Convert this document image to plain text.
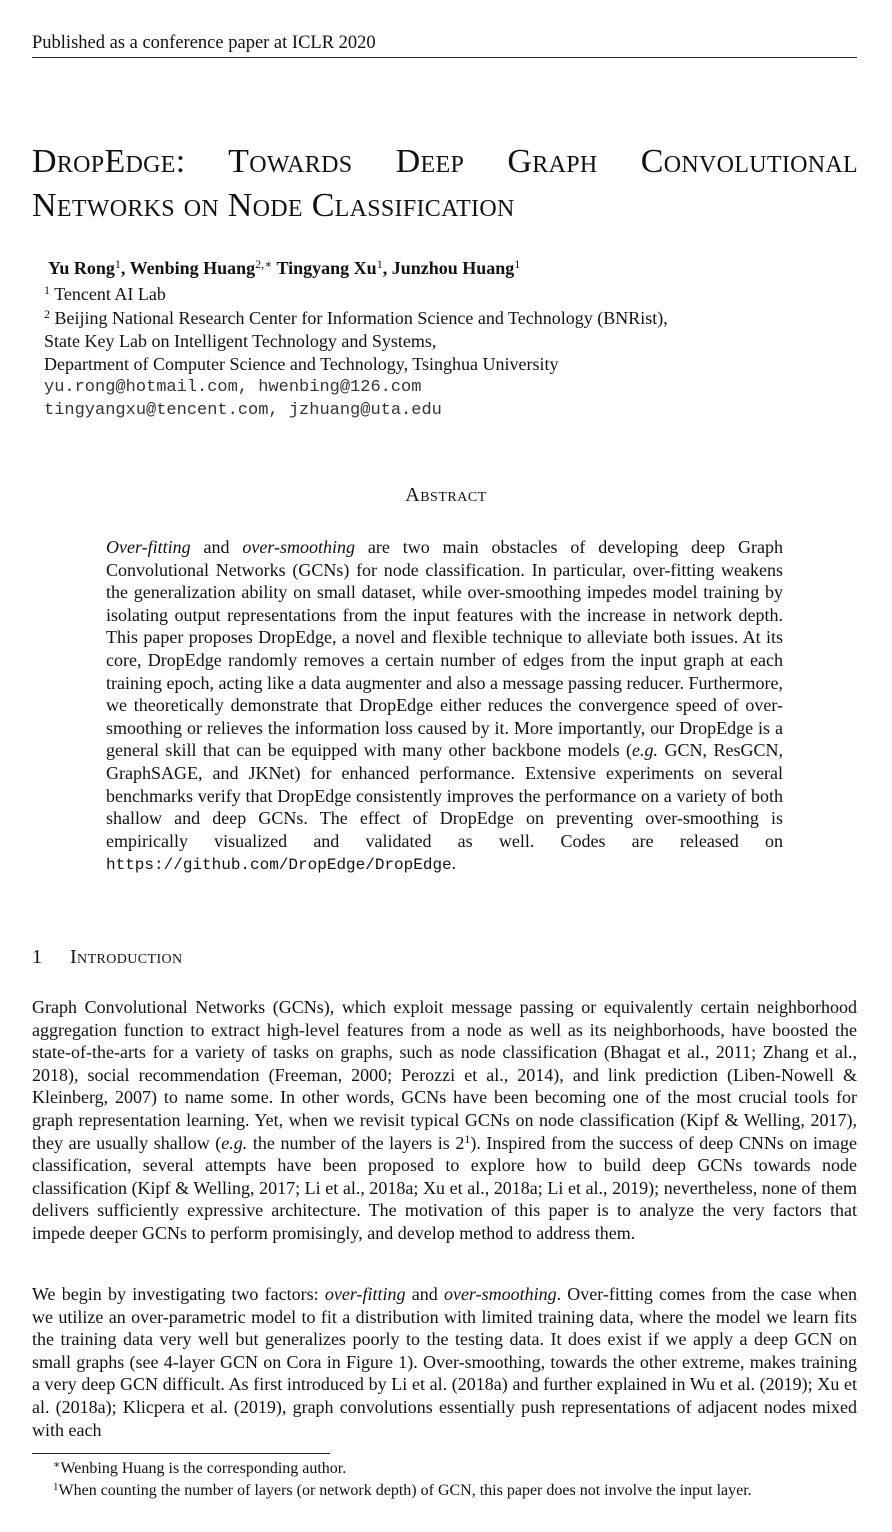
Published as a conference paper at ICLR 2020
DropEdge: Towards Deep Graph Convolutional Networks on Node Classification
Yu Rong$^1$, Wenbing Huang$^{2,∗}$ Tingyang Xu$^1$, Junzhou Huang$^1$
$^1$ Tencent AI Lab
$^2$ Beijing National Research Center for Information Science and Technology (BNRist),
State Key Lab on Intelligent Technology and Systems,
Department of Computer Science and Technology, Tsinghua University
yu.rong@hotmail.com, hwenbing@126.com
tingyangxu@tencent.com, jzhuang@uta.edu
Abstract
Over-fitting and over-smoothing are two main obstacles of developing deep Graph Convolutional Networks (GCNs) for node classification. In particular, over-fitting weakens the generalization ability on small dataset, while over-smoothing impedes model training by isolating output representations from the input features with the increase in network depth. This paper proposes DropEdge, a novel and flexible technique to alleviate both issues. At its core, DropEdge randomly removes a certain number of edges from the input graph at each training epoch, acting like a data augmenter and also a message passing reducer. Furthermore, we theoretically demonstrate that DropEdge either reduces the convergence speed of over-smoothing or relieves the information loss caused by it. More importantly, our DropEdge is a general skill that can be equipped with many other backbone models (e.g. GCN, ResGCN, GraphSAGE, and JKNet) for enhanced performance. Extensive experiments on several benchmarks verify that DropEdge consistently improves the performance on a variety of both shallow and deep GCNs. The effect of DropEdge on preventing over-smoothing is empirically visualized and validated as well. Codes are released on https://github.com/DropEdge/DropEdge.
1 Introduction
Graph Convolutional Networks (GCNs), which exploit message passing or equivalently certain neighborhood aggregation function to extract high-level features from a node as well as its neighborhoods, have boosted the state-of-the-arts for a variety of tasks on graphs, such as node classification (Bhagat et al., 2011; Zhang et al., 2018), social recommendation (Freeman, 2000; Perozzi et al., 2014), and link prediction (Liben-Nowell & Kleinberg, 2007) to name some. In other words, GCNs have been becoming one of the most crucial tools for graph representation learning. Yet, when we revisit typical GCNs on node classification (Kipf & Welling, 2017), they are usually shallow (e.g. the number of the layers is $2^1$). Inspired from the success of deep CNNs on image classification, several attempts have been proposed to explore how to build deep GCNs towards node classification (Kipf & Welling, 2017; Li et al., 2018a; Xu et al., 2018a; Li et al., 2019); nevertheless, none of them delivers sufficiently expressive architecture. The motivation of this paper is to analyze the very factors that impede deeper GCNs to perform promisingly, and develop method to address them.
We begin by investigating two factors: over-fitting and over-smoothing. Over-fitting comes from the case when we utilize an over-parametric model to fit a distribution with limited training data, where the model we learn fits the training data very well but generalizes poorly to the testing data. It does exist if we apply a deep GCN on small graphs (see 4-layer GCN on Cora in Figure 1). Over-smoothing, towards the other extreme, makes training a very deep GCN difficult. As first introduced by Li et al. (2018a) and further explained in Wu et al. (2019); Xu et al. (2018a); Klicpera et al. (2019), graph convolutions essentially push representations of adjacent nodes mixed with each
∗Wenbing Huang is the corresponding author.
$^1$When counting the number of layers (or network depth) of GCN, this paper does not involve the input layer.
